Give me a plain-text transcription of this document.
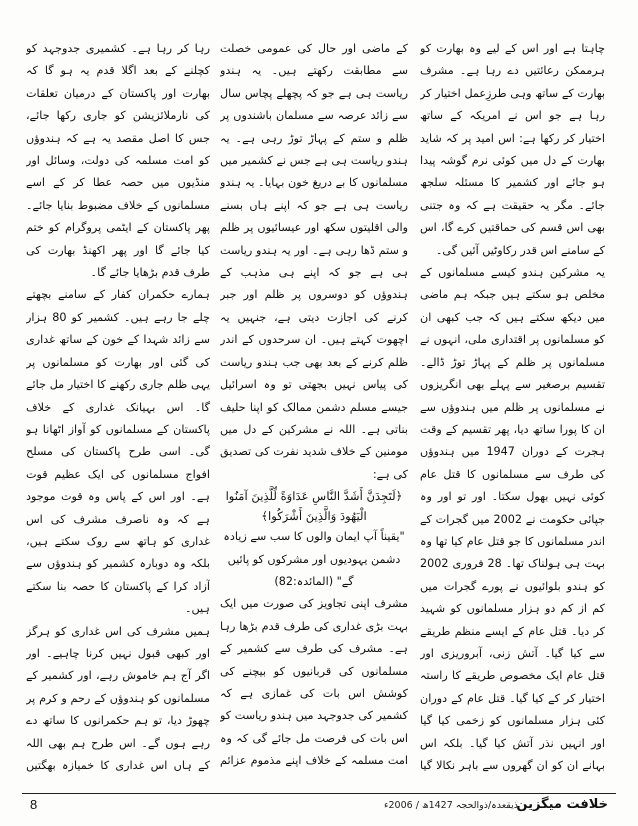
چاہتا ہے اور اس کے لیے وہ بھارت کو ہرممکن رعائتیں دے رہا ہے۔ مشرف بھارت کے ساتھ وہی طرزِعمل اختیار کر رہا ہے جو اس نے امریکہ کے ساتھ اختیار کر رکھا ہے: اس امید پر کہ شاید بھارت کے دل میں کوئی نرم گوشہ پیدا ہو جائے اور کشمیر کا مسئلہ سلجھ جائے۔ مگر یہ حقیقت ہے کہ وہ جتنی بھی اس قسم کی حماقتیں کرے گا، اس کے سامنے اس قدر رکاوٹیں آئیں گی۔

یہ مشرکین ہندو کیسے مسلمانوں کے مخلص ہو سکتے ہیں جبکہ ہم ماضی میں دیکھ سکتے ہیں کہ جب کبھی ان کو مسلمانوں پر اقتداری ملی، انہوں نے مسلمانوں پر ظلم کے پہاڑ توڑ ڈالے۔ تقسیم برصغیر سے پہلے بھی انگریزوں نے مسلمانوں پر ظلم میں ہندوؤں سے ان کا پورا ساتھ دیا، پھر تقسیم کے وقت ہجرت کے دوران 1947 میں ہندوؤں کی طرف سے مسلمانوں کا قتل عام کوئی نہیں بھول سکتا۔ اور تو اور وہ جپائی حکومت نے 2002 میں گجرات کے اندر مسلمانوں کا جو قتل عام کیا تھا وہ بہت ہی ہولناک تھا۔ 28 فروری 2002 کو ہندو بلوائیوں نے پورے گجرات میں کم از کم دو ہزار مسلمانوں کو شہید کر دیا۔ قتل عام کے ایسے منظم طریقے سے کیا گیا۔ آتش زنی، آبروریزی اور قتل عام ایک مخصوص طریقے کا راستہ اختیار کر کے کیا گیا۔ قتل عام کے دوران کئی ہزار مسلمانوں کو زخمی کیا گیا اور انہیں نذر آتش کیا گیا۔ بلکہ اس بہانے ان کو ان گھروں سے باہر نکالا گیا

کے ماضی اور حال کی عمومی خصلت سے مطابقت رکھتے ہیں۔ یہ ہندو ریاست ہی ہے جو کہ پچھلے پچاس سال سے زائد عرصہ سے مسلمان باشندوں پر ظلم و ستم کے پہاڑ توڑ رہی ہے۔ یہ ہندو ریاست ہی ہے جس نے کشمیر میں مسلمانوں کا بے دریغ خون بہایا۔ یہ ہندو ریاست ہی ہے جو کہ اپنے ہاں بسنے والی اقلیتوں سکھ اور عیسائیوں پر ظلم و ستم ڈھا رہی ہے۔ اور یہ ہندو ریاست ہی ہے جو کہ اپنے ہی مذہب کے ہندوؤں کو دوسروں پر ظلم اور جبر کرنے کی اجازت دیتی ہے، جنہیں یہ اچھوت کہتے ہیں۔ ان سرحدوں کے اندر ظلم کرنے کے بعد بھی جب ہندو ریاست کی پیاس نہیں بجھتی تو وہ اسرائیل جیسے مسلم دشمن ممالک کو اپنا حلیف بناتی ہے۔ اللہ نے مشرکین کے دل میں مومنین کے خلاف شدید نفرت کی تصدیق کی ہے:

﴿لَتَجِدَنَّ أَشَدَّ النَّاسِ عَدَاوَةً لِّلَّذِينَ آمَنُوا الْيَهُودَ وَالَّذِينَ أَشْرَكُوا﴾

"یقیناً آپ ایمان والوں کا سب سے زیادہ دشمن یہودیوں اور مشرکوں کو پائیں گے" (المائدہ:82)

مشرف اپنی تجاویز کی صورت میں ایک بہت بڑی غداری کی طرف قدم بڑھا رہا ہے۔ مشرف کی طرف سے کشمیر کے مسلمانوں کی قربانیوں کو بیچنے کی کوشش اس بات کی غمازی ہے کہ کشمیر کی جدوجہد میں ہندو ریاست کو اس بات کی فرصت مل جائے گی کہ وہ امت مسلمہ کے خلاف اپنے مذموم عزائم

رہا کر رہا ہے۔ کشمیری جدوجہد کو کچلنے کے بعد اگلا قدم یہ ہو گا کہ بھارت اور پاکستان کے درمیان تعلقات کی نارملائزیشن کو جاری رکھا جائے، جس کا اصل مقصد یہ ہے کہ ہندوؤں کو امت مسلمہ کی دولت، وسائل اور منڈیوں میں حصہ عطا کر کے اسے مسلمانوں کے خلاف مضبوط بنایا جائے۔ پھر پاکستان کے ایٹمی پروگرام کو ختم کیا جائے گا اور پھر اکھنڈ بھارت کی طرف قدم بڑھایا جائے گا۔

ہمارے حکمران کفار کے سامنے بچھتے چلے جا رہے ہیں۔ کشمیر کو 80 ہزار سے زائد شہدا کے خون کے ساتھ غداری کی گئی اور بھارت کو مسلمانوں پر یہی ظلم جاری رکھنے کا اختیار مل جائے گا۔ اس بہیانک غداری کے خلاف پاکستان کے مسلمانوں کو آواز اٹھانا ہو گی۔ اسی طرح پاکستان کی مسلح افواج مسلمانوں کی ایک عظیم قوت ہے۔ اور اس کے پاس وہ قوت موجود ہے کہ وہ ناصرف مشرف کی اس غداری کو ہاتھ سے روک سکتے ہیں، بلکہ وہ دوبارہ کشمیر کو ہندوؤں سے آزاد کرا کے پاکستان کا حصہ بنا سکتے ہیں۔

ہمیں مشرف کی اس غداری کو ہرگز اور کبھی قبول نہیں کرنا چاہیے۔ اور اگر آج ہم خاموش رہے، اور کشمیر کے مسلمانوں کو ہندوؤں کے رحم و کرم پر چھوڑ دیا، تو ہم حکمرانوں کا ساتھ دے رہے ہوں گے۔ اس طرح ہم بھی اللہ کے ہاں اس غداری کا خمیازہ بھگتیں

خلافت میگزین
ذیقعدہ/ذوالحجہ 1427ھ / 2006ء
8
